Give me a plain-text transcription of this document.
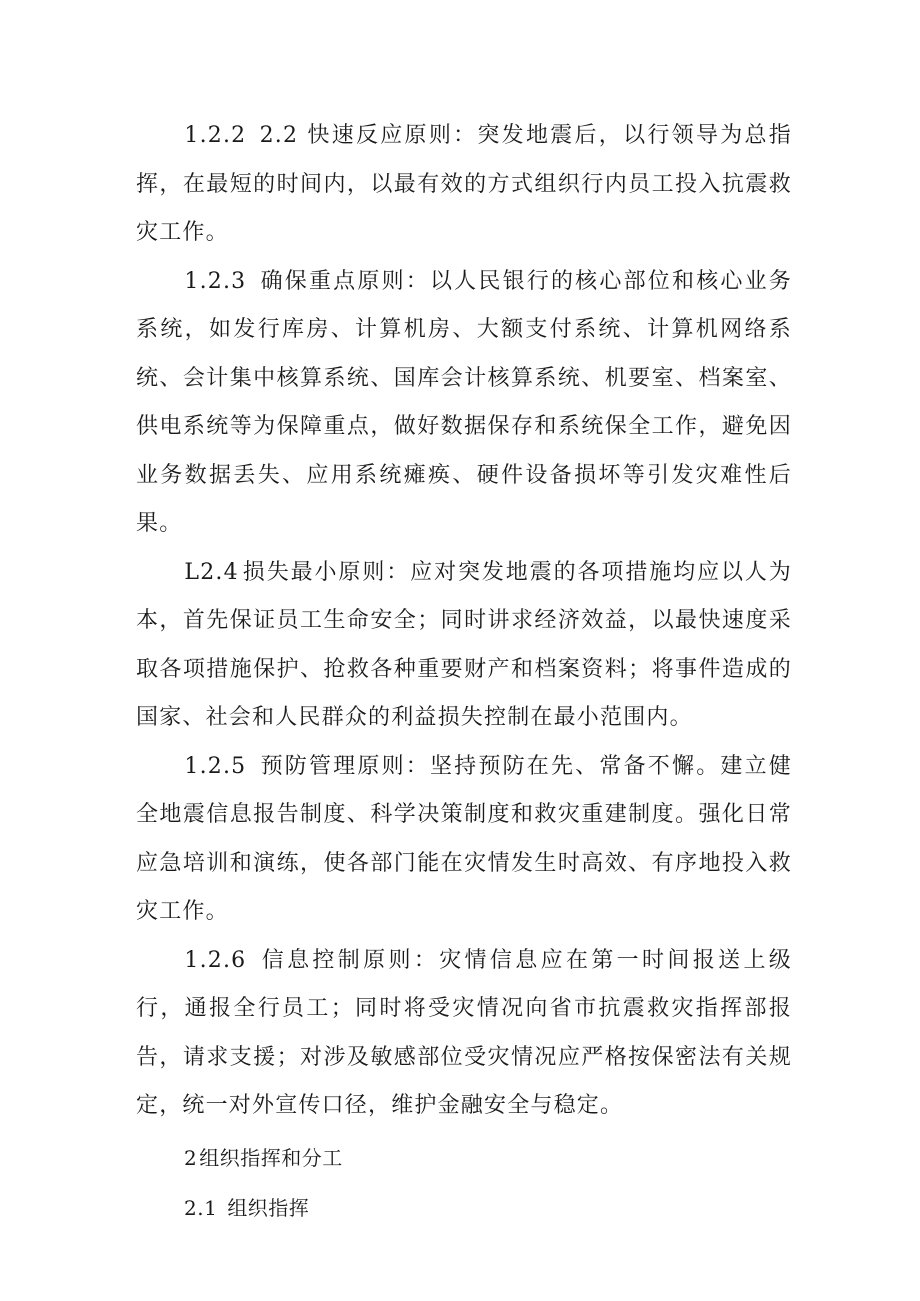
1.2.2 2.2 快速反应原则：突发地震后，以行领导为总指挥，在最短的时间内，以最有效的方式组织行内员工投入抗震救灾工作。

1.2.3 确保重点原则：以人民银行的核心部位和核心业务系统，如发行库房、计算机房、大额支付系统、计算机网络系统、会计集中核算系统、国库会计核算系统、机要室、档案室、供电系统等为保障重点，做好数据保存和系统保全工作，避免因业务数据丢失、应用系统瘫痪、硬件设备损坏等引发灾难性后果。

L2.4 损失最小原则：应对突发地震的各项措施均应以人为本，首先保证员工生命安全；同时讲求经济效益，以最快速度采取各项措施保护、抢救各种重要财产和档案资料；将事件造成的国家、社会和人民群众的利益损失控制在最小范围内。

1.2.5 预防管理原则：坚持预防在先、常备不懈。建立健全地震信息报告制度、科学决策制度和救灾重建制度。强化日常应急培训和演练，使各部门能在灾情发生时高效、有序地投入救灾工作。

1.2.6 信息控制原则：灾情信息应在第一时间报送上级行，通报全行员工；同时将受灾情况向省市抗震救灾指挥部报告，请求支援；对涉及敏感部位受灾情况应严格按保密法有关规定，统一对外宣传口径，维护金融安全与稳定。

2 组织指挥和分工

2.1 组织指挥
